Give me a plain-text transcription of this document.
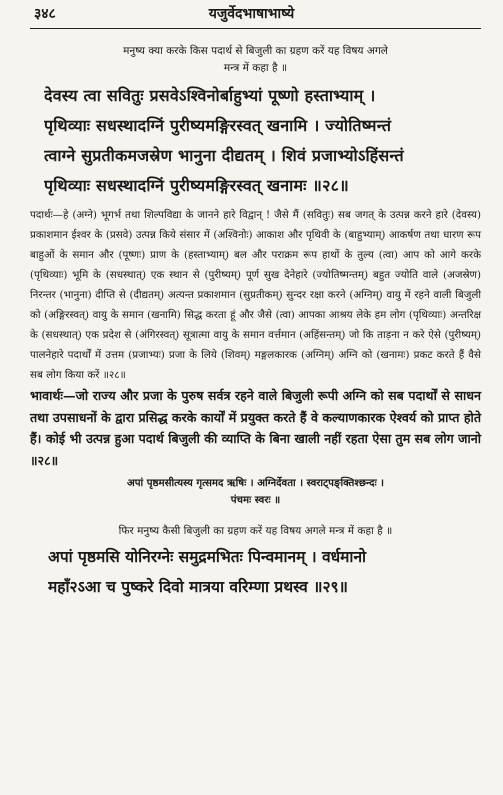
३४८	यजुर्वेदभाषाभाष्ये
मनुष्य क्या करके किस पदार्थ से बिजुली का ग्रहण करें यह विषय अगले
मन्त्र में कहा है ॥
देवस्य त्वा सवितुः प्रसवेऽश्विनोर्बाहुभ्यां पूष्णो हस्ताभ्याम् ।
पृथिव्याः सधस्थादग्निं पुरीष्यमङ्गिरस्वत् खनामि । ज्योतिष्मन्तं
त्वाग्ने सुप्रतीकमजस्रेण भानुना दीद्यतम् । शिवं प्रजाभ्योऽहिंसन्तं
पृथिव्याः सधस्थादग्निं पुरीष्यमङ्गिरस्वत् खनामः ॥२८॥
पदार्थः—हे (अग्ने) भूगर्भ तथा शिल्पविद्या के जानने हारे विद्वान् ! जैसे मैं (सवितुः) सब जगत् के उत्पन्न करने हारे (देवस्य) प्रकाशमान ईश्वर के (प्रसवे) उत्पन्न किये संसार में (अश्विनोः) आकाश और पृथिवी के (बाहुभ्याम्) आकर्षण तथा धारण रूप बाहुओं के समान और (पूष्णः) प्राण के (हस्ताभ्याम्) बल और पराक्रम रूप हाथों के तुल्य (त्वा) आप को आगे करके (पृथिव्याः) भूमि के (सधस्थात्) एक स्थान से (पुरीष्यम्) पूर्ण सुख देनेहारे (ज्योतिष्मन्तम्) बहुत ज्योति वाले (अजस्रेण) निरन्तर (भानुना) दीप्ति से (दीद्यतम्) अत्यन्त प्रकाशमान (सुप्रतीकम्) सुन्दर रक्षा करने (अग्निम्) वायु में रहने वाली बिजुली को (अङ्गिरस्वत्) वायु के समान (खनामि) सिद्ध करता हूं और जैसे (त्वा) आपका आश्रय लेके हम लोग (पृथिव्याः) अन्तरिक्ष के (सधस्थात्) एक प्रदेश से (अंगिरस्वत्) सूत्रात्मा वायु के समान वर्त्तमान (अहिंसन्तम्) जो कि ताड़ना न करे ऐसे (पुरीष्यम्) पालनेहारे पदार्थों में उत्तम (प्रजाभ्यः) प्रजा के लिये (शिवम्) मङ्गलकारक (अग्निम्) अग्नि को (खनामः) प्रकट करते हैं वैसे सब लोग किया करें ॥२८॥
भावार्थः—जो राज्य और प्रजा के पुरुष सर्वत्र रहने वाले बिजुली रूपी अग्नि को सब पदार्थों से साधन तथा उपसाधनों के द्वारा प्रसिद्ध करके कार्यों में प्रयुक्त करते हैं वे कल्याणकारक ऐश्वर्य को प्राप्त होते हैं। कोई भी उत्पन्न हुआ पदार्थ बिजुली की व्याप्ति के बिना खाली नहीं रहता ऐसा तुम सब लोग जानो ॥२८॥
अपां पृष्ठमसीत्यस्य गृत्समद ऋषिः । अग्निर्देवता । स्वराट्पङ्क्तिश्छन्दः ।
पंचमः स्वरः ॥
फिर मनुष्य कैसी बिजुली का ग्रहण करें यह विषय अगले मन्त्र में कहा है ॥
अपां पृष्ठमसि योनिरग्नेः समुद्रमभितः पिन्वमानम् । वर्धमानो
महाँ२ऽआ च पुष्करे दिवो मात्रया वरिम्णा प्रथस्व ॥२९॥
